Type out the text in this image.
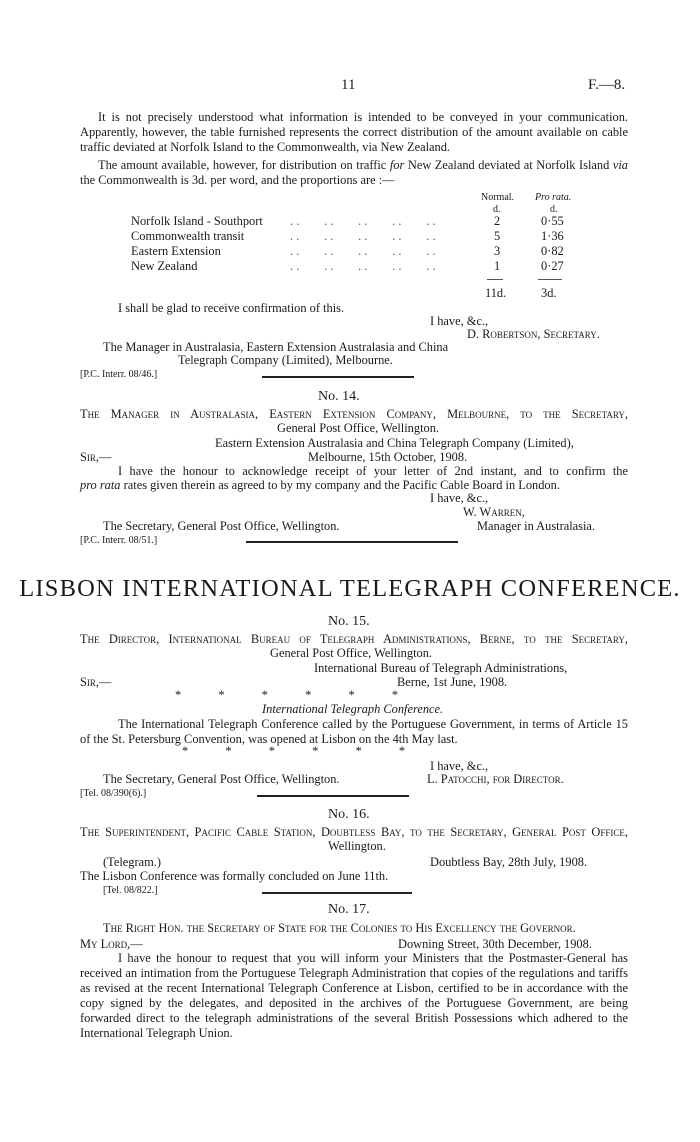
11	F.—8.
It is not precisely understood what information is intended to be conveyed in your communication. Apparently, however, the table furnished represents the correct distribution of the amount available on cable traffic deviated at Norfolk Island to the Commonwealth, via New Zealand.
The amount available, however, for distribution on traffic for New Zealand deviated at Norfolk Island via the Commonwealth is 3d. per word, and the proportions are :—
Normal. Pro rata.
d.	d.
Norfolk Island - Southport . .        . .        . .        . .        . .	2	0·55
Commonwealth transit	. .        . .        . .        . .        . .	5	1·36
Eastern Extension	. .        . .        . .        . .        . .	3	0·82
New Zealand	. .        . .        . .        . .        . .	1	0·27
11d.	3d.
I shall be glad to receive confirmation of this.
I have, &c.,
D. Robertson, Secretary.
The Manager in Australasia, Eastern Extension Australasia and China
Telegraph Company (Limited), Melbourne.
[P.C. Interr. 08/46.]
No. 14.
The Manager in Australasia, Eastern Extension Company, Melbourne, to the Secretary,
General Post Office, Wellington.
Eastern Extension Australasia and China Telegraph Company (Limited),
Sir,—	Melbourne, 15th October, 1908.
I have the honour to acknowledge receipt of your letter of 2nd instant, and to confirm the
pro rata rates given therein as agreed to by my company and the Pacific Cable Board in London.
I have, &c.,
W. Warren,
The Secretary, General Post Office, Wellington.	Manager in Australasia.
[P.C. Interr. 08/51.]
LISBON INTERNATIONAL TELEGRAPH CONFERENCE.
No. 15.
The Director, International Bureau of Telegraph Administrations, Berne, to the Secretary,
General Post Office, Wellington.
International Bureau of Telegraph Administrations,
Sir,—	Berne, 1st June, 1908.
*            *            *            *            *            *
International Telegraph Conference.
The International Telegraph Conference called by the Portuguese Government, in terms of Article 15 of the St. Petersburg Convention, was opened at Lisbon on the 4th May last.
*            *            *            *            *            *
I have, &c.,
The Secretary, General Post Office, Wellington.	L. Patocchi, for Director.
[Tel. 08/390(6).]
No. 16.
The Superintendent, Pacific Cable Station, Doubtless Bay, to the Secretary, General Post Office,
Wellington.
(Telegram.)	Doubtless Bay, 28th July, 1908.
The Lisbon Conference was formally concluded on June 11th.
[Tel. 08/822.]
No. 17.
The Right Hon. the Secretary of State for the Colonies to His Excellency the Governor.
My Lord,—	Downing Street, 30th December, 1908.
I have the honour to request that you will inform your Ministers that the Postmaster-General has received an intimation from the Portuguese Telegraph Administration that copies of the regulations and tariffs as revised at the recent International Telegraph Conference at Lisbon, certified to be in accordance with the copy signed by the delegates, and deposited in the archives of the Portuguese Government, are being forwarded direct to the telegraph administrations of the several British Possessions which adhered to the International Telegraph Union.
